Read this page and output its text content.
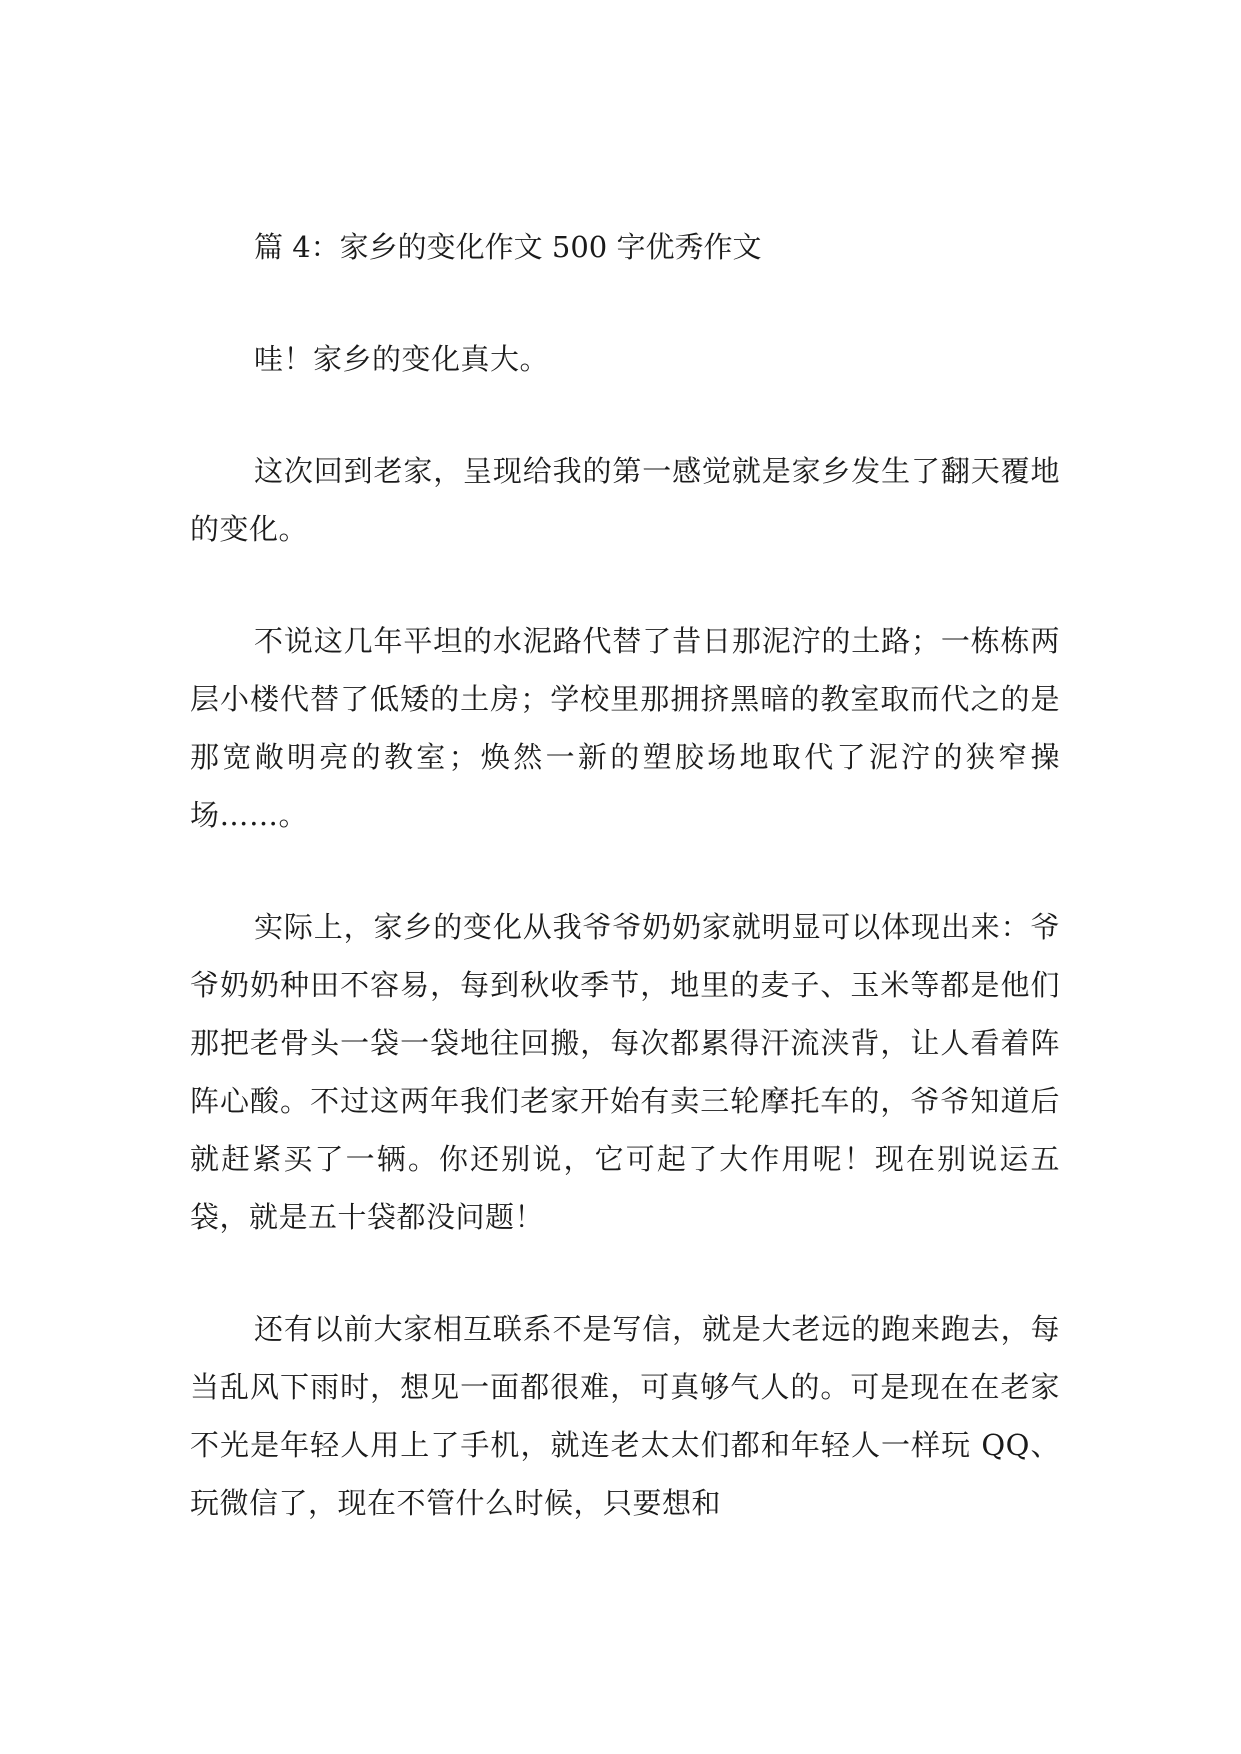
篇 4：家乡的变化作文 500 字优秀作文

哇！家乡的变化真大。

这次回到老家，呈现给我的第一感觉就是家乡发生了翻天覆地的变化。

不说这几年平坦的水泥路代替了昔日那泥泞的土路；一栋栋两层小楼代替了低矮的土房；学校里那拥挤黑暗的教室取而代之的是那宽敞明亮的教室；焕然一新的塑胶场地取代了泥泞的狭窄操场……。

实际上，家乡的变化从我爷爷奶奶家就明显可以体现出来：爷爷奶奶种田不容易，每到秋收季节，地里的麦子、玉米等都是他们那把老骨头一袋一袋地往回搬，每次都累得汗流浃背，让人看着阵阵心酸。不过这两年我们老家开始有卖三轮摩托车的，爷爷知道后就赶紧买了一辆。你还别说，它可起了大作用呢！现在别说运五袋，就是五十袋都没问题！

还有以前大家相互联系不是写信，就是大老远的跑来跑去，每当乱风下雨时，想见一面都很难，可真够气人的。可是现在在老家不光是年轻人用上了手机，就连老太太们都和年轻人一样玩 QQ、玩微信了，现在不管什么时候，只要想和
